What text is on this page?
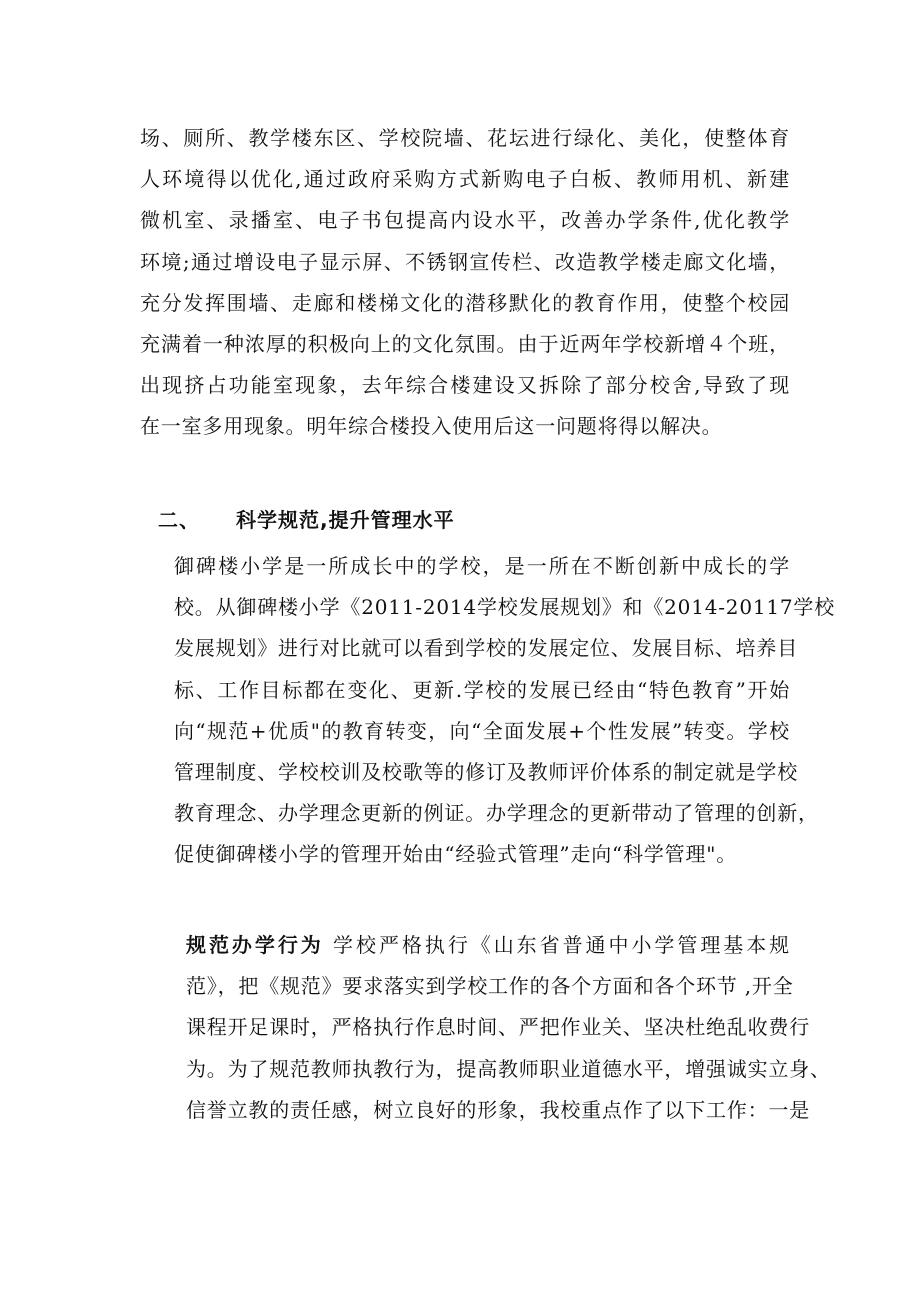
场、厕所、教学楼东区、学校院墙、花坛进行绿化、美化，使整体育
人环境得以优化,通过政府采购方式新购电子白板、教师用机、新建
微机室、录播室、电子书包提高内设水平，改善办学条件,优化教学
环境;通过增设电子显示屏、不锈钢宣传栏、改造教学楼走廊文化墙，
充分发挥围墙、走廊和楼梯文化的潜移默化的教育作用，使整个校园
充满着一种浓厚的积极向上的文化氛围。由于近两年学校新增４个班，
出现挤占功能室现象，去年综合楼建设又拆除了部分校舍,导致了现
在一室多用现象。明年综合楼投入使用后这一问题将得以解决。
二、 科学规范,提升管理水平
御碑楼小学是一所成长中的学校，是一所在不断创新中成长的学
校。从御碑楼小学《2011-2014学校发展规划》和《2014-20117学校
发展规划》进行对比就可以看到学校的发展定位、发展目标、培养目
标、工作目标都在变化、更新.学校的发展已经由“特色教育”开始
向“规范+优质"的教育转变，向“全面发展+个性发展”转变。学校
管理制度、学校校训及校歌等的修订及教师评价体系的制定就是学校
教育理念、办学理念更新的例证。办学理念的更新带动了管理的创新，
促使御碑楼小学的管理开始由“经验式管理”走向“科学管理"。
规范办学行为 学校严格执行《山东省普通中小学管理基本规
范》，把《规范》要求落实到学校工作的各个方面和各个环节 ,开全
课程开足课时，严格执行作息时间、严把作业关、坚决杜绝乱收费行
为。为了规范教师执教行为，提高教师职业道德水平，增强诚实立身、
信誉立教的责任感，树立良好的形象，我校重点作了以下工作：一是
